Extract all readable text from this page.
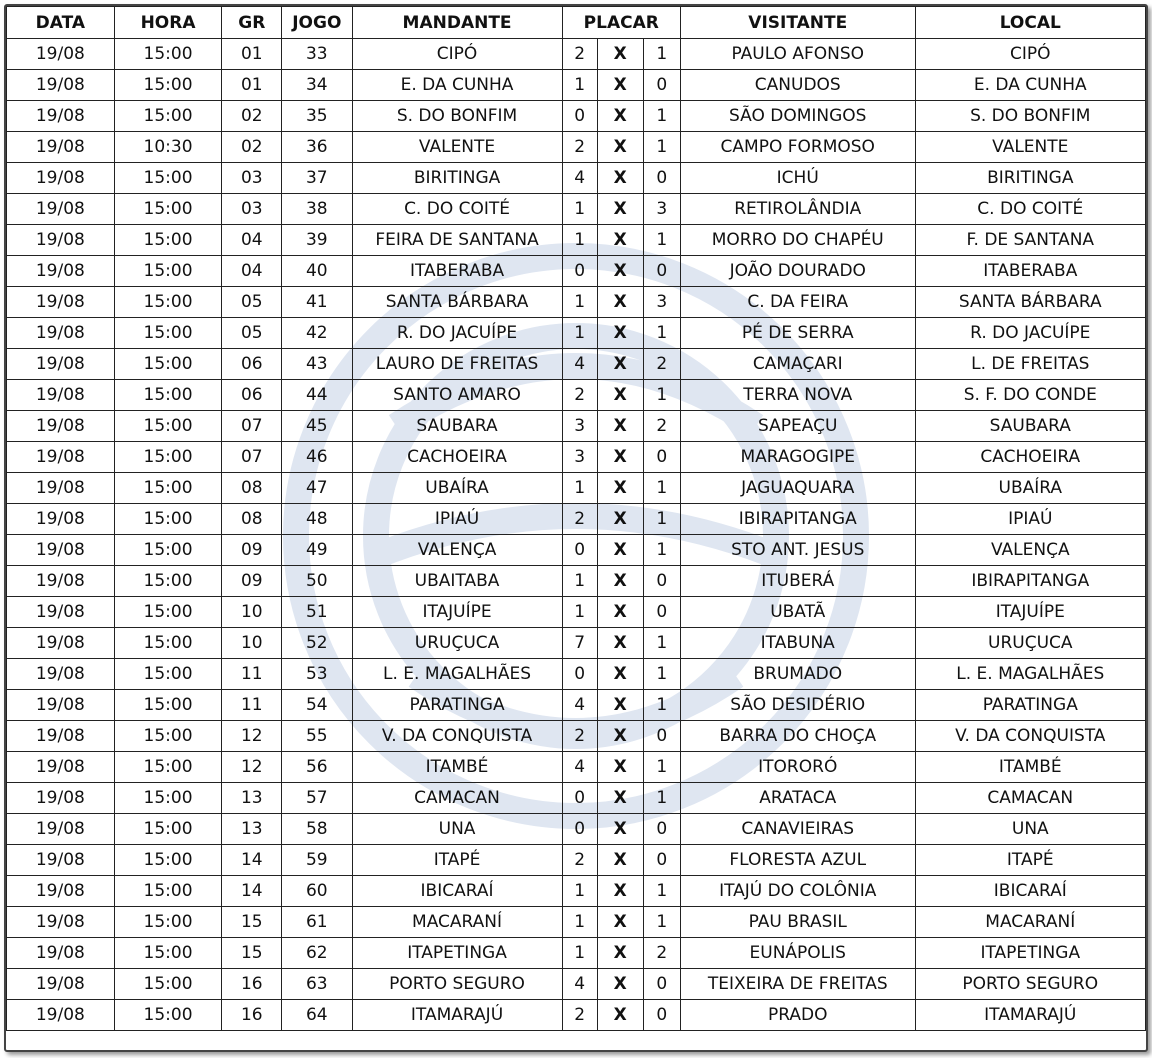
DATA	HORA	GR	JOGO	MANDANTE	PLACAR			VISITANTE	LOCAL
19/08	15:00	01	33	CIPÓ	2	X	1	PAULO AFONSO	CIPÓ
19/08	15:00	01	34	E. DA CUNHA	1	X	0	CANUDOS	E. DA CUNHA
19/08	15:00	02	35	S. DO BONFIM	0	X	1	SÃO DOMINGOS	S. DO BONFIM
19/08	10:30	02	36	VALENTE	2	X	1	CAMPO FORMOSO	VALENTE
19/08	15:00	03	37	BIRITINGA	4	X	0	ICHÚ	BIRITINGA
19/08	15:00	03	38	C. DO COITÉ	1	X	3	RETIROLÂNDIA	C. DO COITÉ
19/08	15:00	04	39	FEIRA DE SANTANA	1	X	1	MORRO DO CHAPÉU	F. DE SANTANA
19/08	15:00	04	40	ITABERABA	0	X	0	JOÃO DOURADO	ITABERABA
19/08	15:00	05	41	SANTA BÁRBARA	1	X	3	C. DA FEIRA	SANTA BÁRBARA
19/08	15:00	05	42	R. DO JACUÍPE	1	X	1	PÉ DE SERRA	R. DO JACUÍPE
19/08	15:00	06	43	LAURO DE FREITAS	4	X	2	CAMAÇARI	L. DE FREITAS
19/08	15:00	06	44	SANTO AMARO	2	X	1	TERRA NOVA	S. F. DO CONDE
19/08	15:00	07	45	SAUBARA	3	X	2	SAPEAÇU	SAUBARA
19/08	15:00	07	46	CACHOEIRA	3	X	0	MARAGOGIPE	CACHOEIRA
19/08	15:00	08	47	UBAÍRA	1	X	1	JAGUAQUARA	UBAÍRA
19/08	15:00	08	48	IPIAÚ	2	X	1	IBIRAPITANGA	IPIAÚ
19/08	15:00	09	49	VALENÇA	0	X	1	STO ANT. JESUS	VALENÇA
19/08	15:00	09	50	UBAITABA	1	X	0	ITUBERÁ	IBIRAPITANGA
19/08	15:00	10	51	ITAJUÍPE	1	X	0	UBATÃ	ITAJUÍPE
19/08	15:00	10	52	URUÇUCA	7	X	1	ITABUNA	URUÇUCA
19/08	15:00	11	53	L. E. MAGALHÃES	0	X	1	BRUMADO	L. E. MAGALHÃES
19/08	15:00	11	54	PARATINGA	4	X	1	SÃO DESIDÉRIO	PARATINGA
19/08	15:00	12	55	V. DA CONQUISTA	2	X	0	BARRA DO CHOÇA	V. DA CONQUISTA
19/08	15:00	12	56	ITAMBÉ	4	X	1	ITORORÓ	ITAMBÉ
19/08	15:00	13	57	CAMACAN	0	X	1	ARATACA	CAMACAN
19/08	15:00	13	58	UNA	0	X	0	CANAVIEIRAS	UNA
19/08	15:00	14	59	ITAPÉ	2	X	0	FLORESTA AZUL	ITAPÉ
19/08	15:00	14	60	IBICARAÍ	1	X	1	ITAJÚ DO COLÔNIA	IBICARAÍ
19/08	15:00	15	61	MACARANÍ	1	X	1	PAU BRASIL	MACARANÍ
19/08	15:00	15	62	ITAPETINGA	1	X	2	EUNÁPOLIS	ITAPETINGA
19/08	15:00	16	63	PORTO SEGURO	4	X	0	TEIXEIRA DE FREITAS	PORTO SEGURO
19/08	15:00	16	64	ITAMARAJÚ	2	X	0	PRADO	ITAMARAJÚ
